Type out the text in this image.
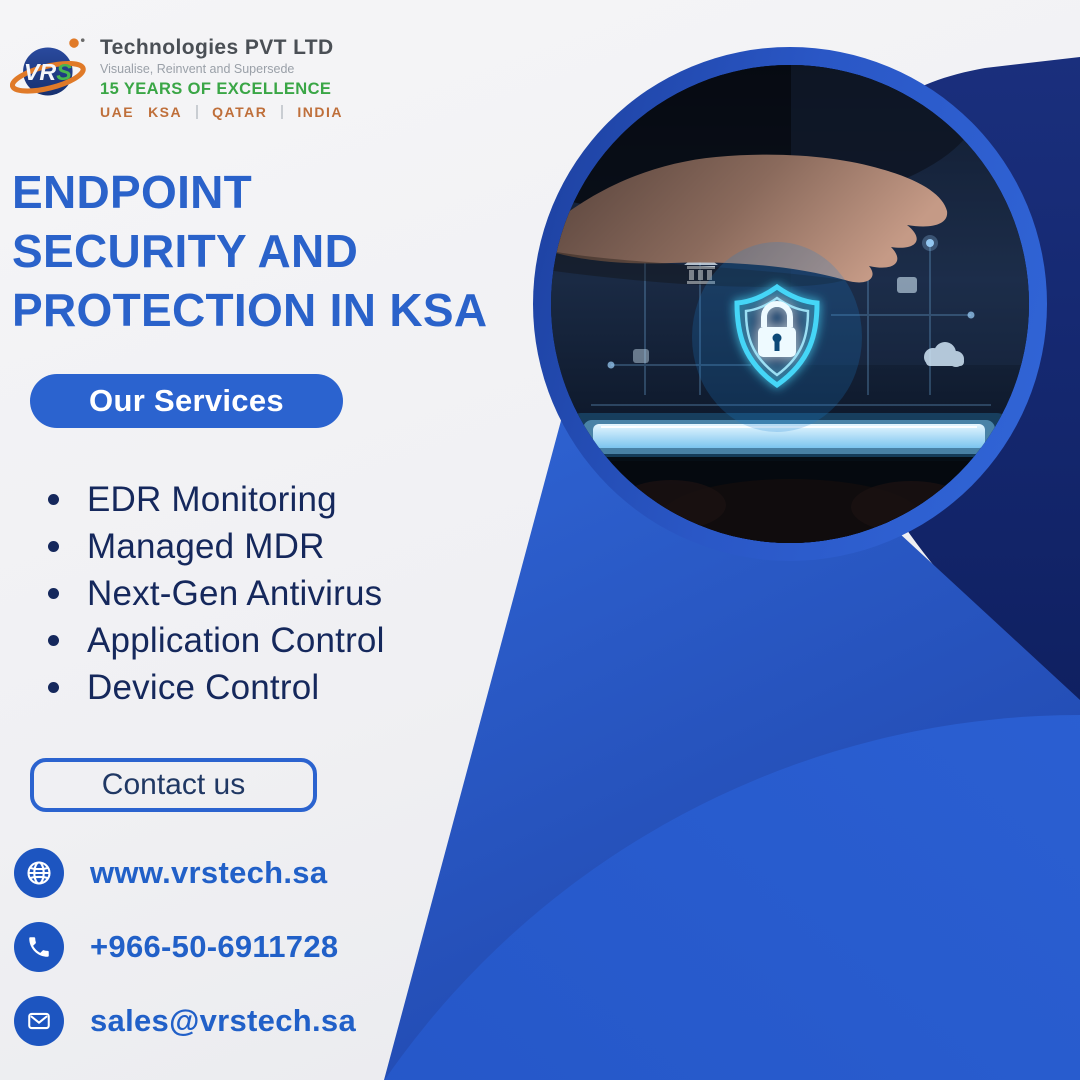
VRS
Technologies PVT LTD
Visualise, Reinvent and Supersede
15 YEARS OF EXCELLENCE
UAE KSA QATAR INDIA
ENDPOINT
SECURITY AND
PROTECTION IN KSA
Our Services
EDR Monitoring
Managed MDR
Next-Gen Antivirus
Application Control
Device Control
Contact us
www.vrstech.sa
+966-50-6911728
sales@vrstech.sa
